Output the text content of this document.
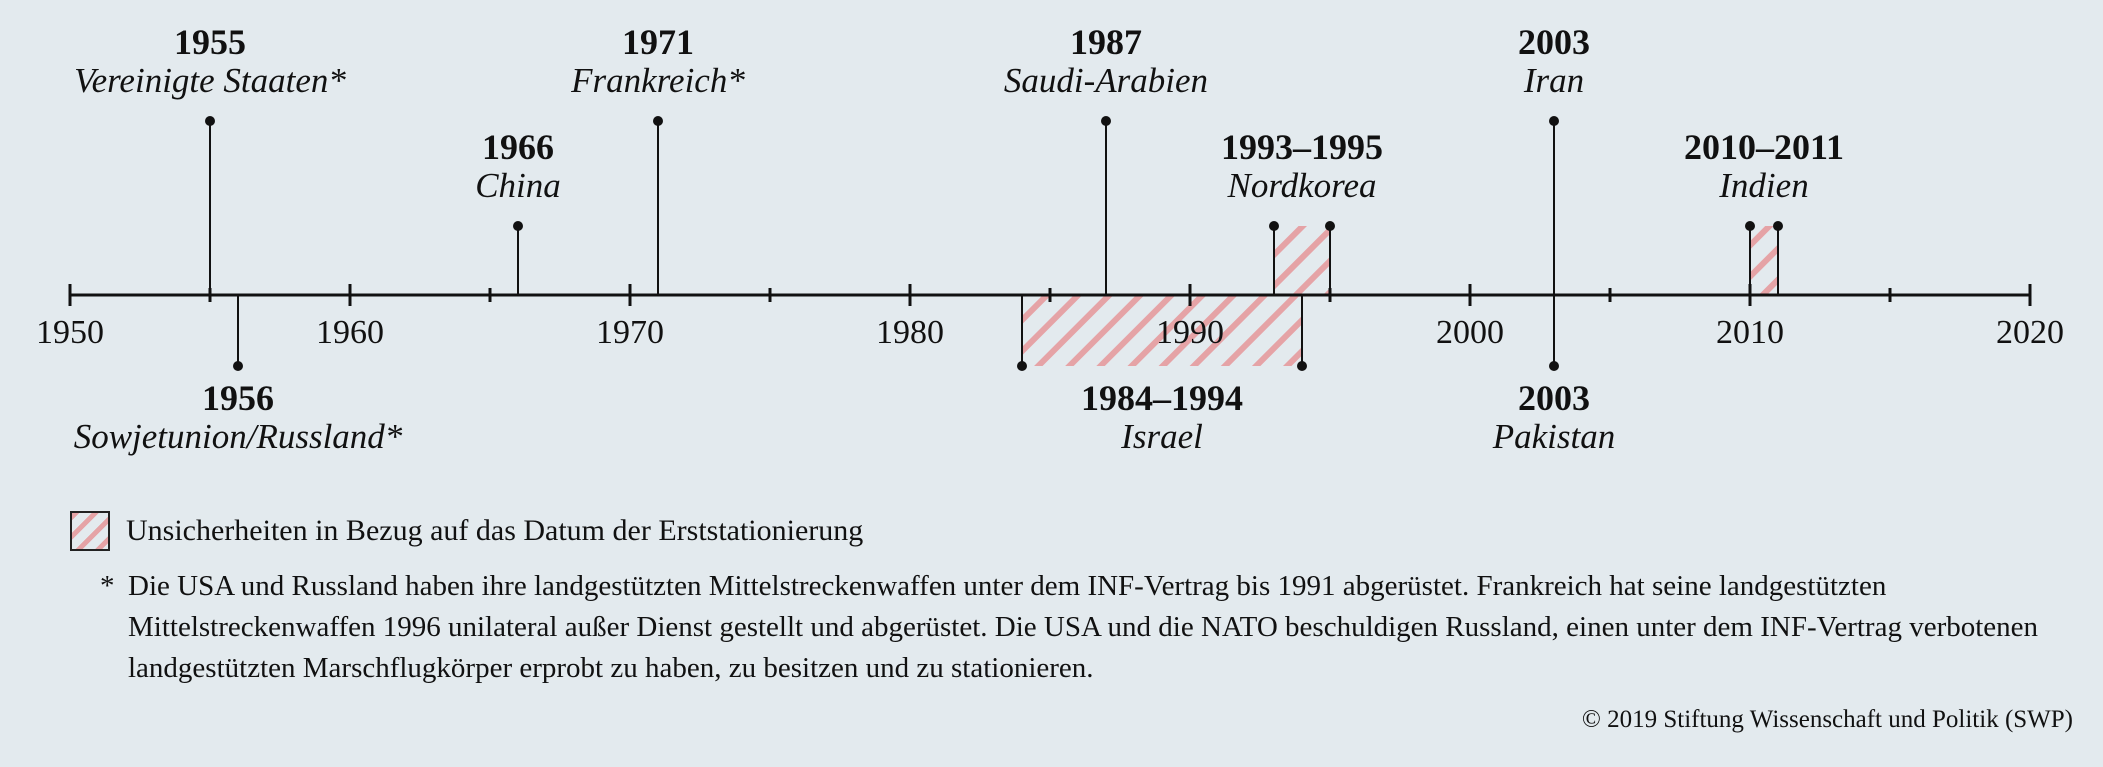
1950	1960	1970	1980	1990	2000	2010	2020
1955
Vereinigte Staaten*
1956
Sowjetunion/Russland*
1966
China
1971
Frankreich*
1984–1994
Israel
1987
Saudi-Arabien
1993–1995
Nordkorea
2003
Iran
2003
Pakistan
2010–2011
Indien
Unsicherheiten in Bezug auf das Datum der Erststationierung
* Die USA und Russland haben ihre landgestützten Mittelstreckenwaffen unter dem INF-Vertrag bis 1991 abgerüstet. Frankreich hat seine landgestützten Mittelstreckenwaffen 1996 unilateral außer Dienst gestellt und abgerüstet. Die USA und die NATO beschuldigen Russland, einen unter dem INF-Vertrag verbotenen landgestützten Marschflugkörper erprobt zu haben, zu besitzen und zu stationieren.
© 2019 Stiftung Wissenschaft und Politik (SWP)
